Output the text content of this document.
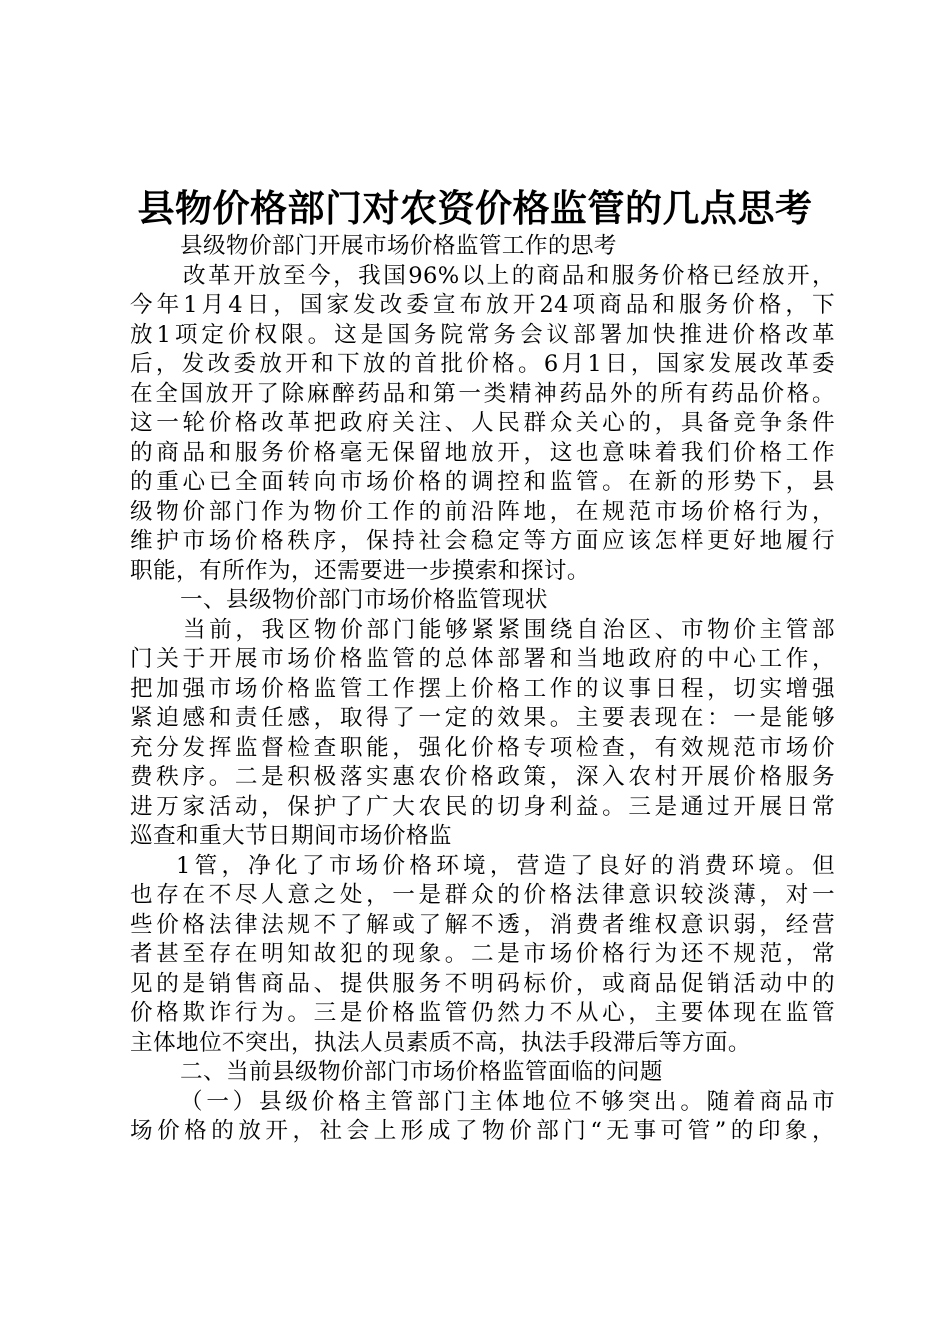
县物价格部门对农资价格监管的几点思考
县级物价部门开展市场价格监管工作的思考
改革开放至今，我国96%以上的商品和服务价格已经放开，
今年1月4日，国家发改委宣布放开24项商品和服务价格，下
放1项定价权限。这是国务院常务会议部署加快推进价格改革
后，发改委放开和下放的首批价格。6月1日，国家发展改革委
在全国放开了除麻醉药品和第一类精神药品外的所有药品价格。
这一轮价格改革把政府关注、人民群众关心的，具备竞争条件
的商品和服务价格毫无保留地放开，这也意味着我们价格工作
的重心已全面转向市场价格的调控和监管。在新的形势下，县
级物价部门作为物价工作的前沿阵地，在规范市场价格行为，
维护市场价格秩序，保持社会稳定等方面应该怎样更好地履行
职能，有所作为，还需要进一步摸索和探讨。
一、县级物价部门市场价格监管现状
当前，我区物价部门能够紧紧围绕自治区、市物价主管部
门关于开展市场价格监管的总体部署和当地政府的中心工作，
把加强市场价格监管工作摆上价格工作的议事日程，切实增强
紧迫感和责任感，取得了一定的效果。主要表现在：一是能够
充分发挥监督检查职能，强化价格专项检查，有效规范市场价
费秩序。二是积极落实惠农价格政策，深入农村开展价格服务
进万家活动，保护了广大农民的切身利益。三是通过开展日常
巡查和重大节日期间市场价格监
1管，净化了市场价格环境，营造了良好的消费环境。但
也存在不尽人意之处，一是群众的价格法律意识较淡薄，对一
些价格法律法规不了解或了解不透，消费者维权意识弱，经营
者甚至存在明知故犯的现象。二是市场价格行为还不规范，常
见的是销售商品、提供服务不明码标价，或商品促销活动中的
价格欺诈行为。三是价格监管仍然力不从心，主要体现在监管
主体地位不突出，执法人员素质不高，执法手段滞后等方面。
二、当前县级物价部门市场价格监管面临的问题
（一）县级价格主管部门主体地位不够突出。随着商品市
场价格的放开，社会上形成了物价部门“无事可管”的印象，
